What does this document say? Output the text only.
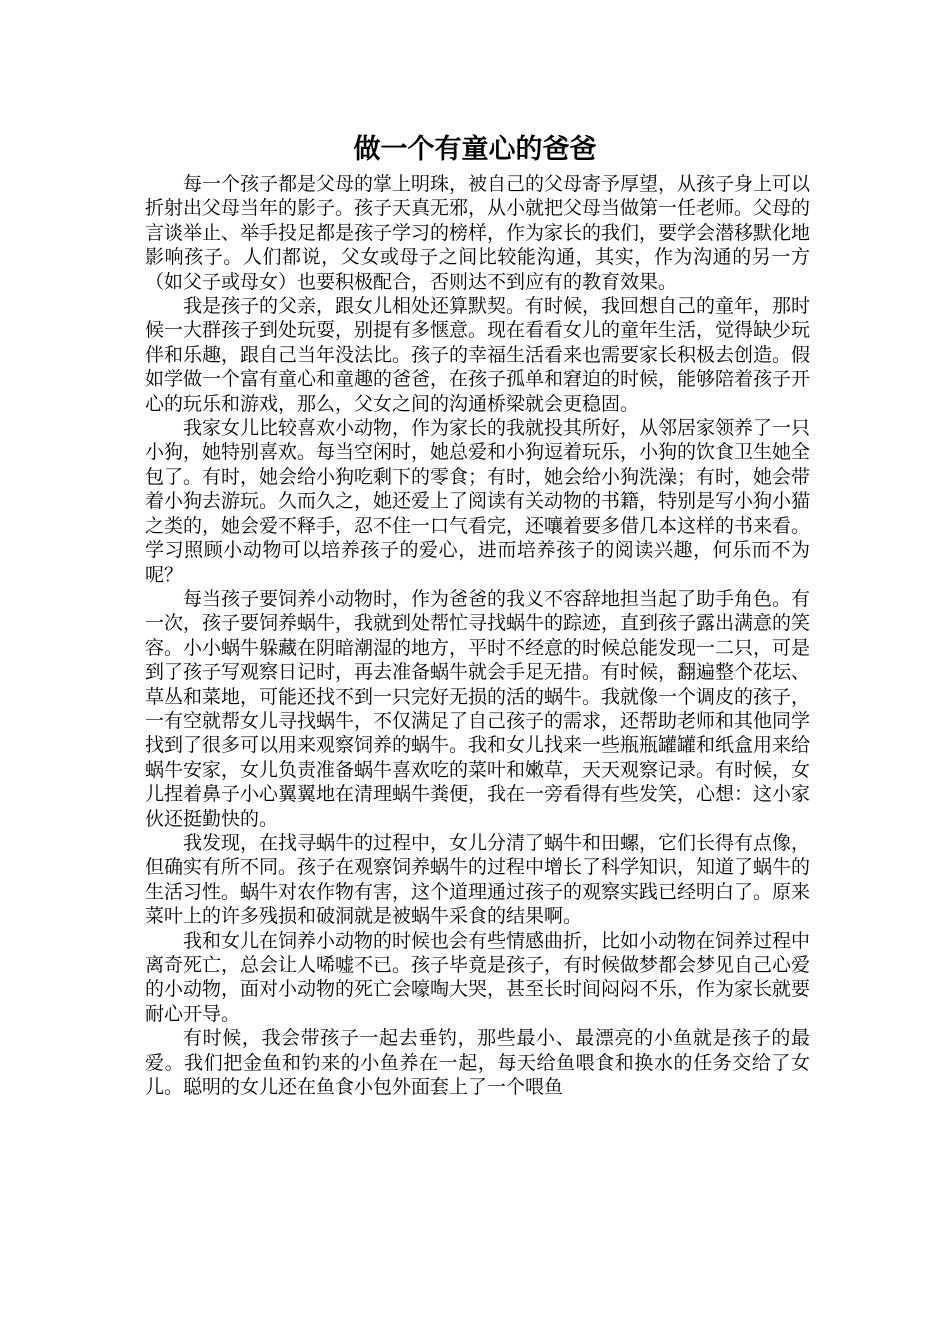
做一个有童心的爸爸

每一个孩子都是父母的掌上明珠，被自己的父母寄予厚望，从孩子身上可以折射出父母当年的影子。孩子天真无邪，从小就把父母当做第一任老师。父母的言谈举止、举手投足都是孩子学习的榜样，作为家长的我们，要学会潜移默化地影响孩子。人们都说，父女或母子之间比较能沟通，其实，作为沟通的另一方（如父子或母女）也要积极配合，否则达不到应有的教育效果。

我是孩子的父亲，跟女儿相处还算默契。有时候，我回想自己的童年，那时候一大群孩子到处玩耍，别提有多惬意。现在看看女儿的童年生活，觉得缺少玩伴和乐趣，跟自己当年没法比。孩子的幸福生活看来也需要家长积极去创造。假如学做一个富有童心和童趣的爸爸，在孩子孤单和窘迫的时候，能够陪着孩子开心的玩乐和游戏，那么，父女之间的沟通桥梁就会更稳固。

我家女儿比较喜欢小动物，作为家长的我就投其所好，从邻居家领养了一只小狗，她特别喜欢。每当空闲时，她总爱和小狗逗着玩乐，小狗的饮食卫生她全包了。有时，她会给小狗吃剩下的零食；有时，她会给小狗洗澡；有时，她会带着小狗去游玩。久而久之，她还爱上了阅读有关动物的书籍，特别是写小狗小猫之类的，她会爱不释手，忍不住一口气看完，还嚷着要多借几本这样的书来看。学习照顾小动物可以培养孩子的爱心，进而培养孩子的阅读兴趣，何乐而不为呢？

每当孩子要饲养小动物时，作为爸爸的我义不容辞地担当起了助手角色。有一次，孩子要饲养蜗牛，我就到处帮忙寻找蜗牛的踪迹，直到孩子露出满意的笑容。小小蜗牛躲藏在阴暗潮湿的地方，平时不经意的时候总能发现一二只，可是到了孩子写观察日记时，再去准备蜗牛就会手足无措。有时候，翻遍整个花坛、草丛和菜地，可能还找不到一只完好无损的活的蜗牛。我就像一个调皮的孩子，一有空就帮女儿寻找蜗牛，不仅满足了自己孩子的需求，还帮助老师和其他同学找到了很多可以用来观察饲养的蜗牛。我和女儿找来一些瓶瓶罐罐和纸盒用来给蜗牛安家，女儿负责准备蜗牛喜欢吃的菜叶和嫩草，天天观察记录。有时候，女儿捏着鼻子小心翼翼地在清理蜗牛粪便，我在一旁看得有些发笑，心想：这小家伙还挺勤快的。

我发现，在找寻蜗牛的过程中，女儿分清了蜗牛和田螺，它们长得有点像，但确实有所不同。孩子在观察饲养蜗牛的过程中增长了科学知识，知道了蜗牛的生活习性。蜗牛对农作物有害，这个道理通过孩子的观察实践已经明白了。原来菜叶上的许多残损和破洞就是被蜗牛采食的结果啊。

我和女儿在饲养小动物的时候也会有些情感曲折，比如小动物在饲养过程中离奇死亡，总会让人唏嘘不已。孩子毕竟是孩子，有时候做梦都会梦见自己心爱的小动物，面对小动物的死亡会嚎啕大哭，甚至长时间闷闷不乐，作为家长就要耐心开导。

有时候，我会带孩子一起去垂钓，那些最小、最漂亮的小鱼就是孩子的最爱。我们把金鱼和钓来的小鱼养在一起，每天给鱼喂食和换水的任务交给了女儿。聪明的女儿还在鱼食小包外面套上了一个喂鱼
